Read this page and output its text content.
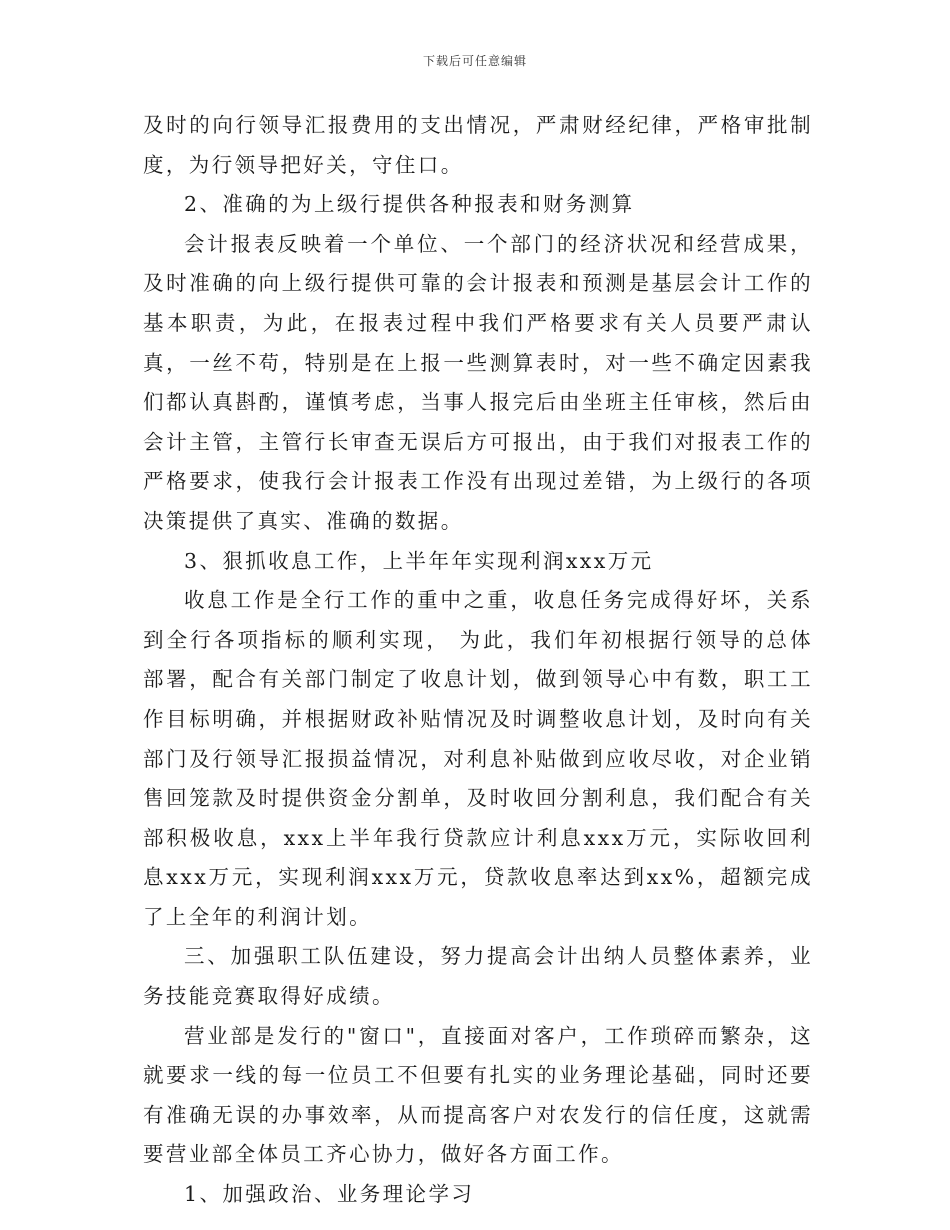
下载后可任意编辑

及时的向行领导汇报费用的支出情况，严肃财经纪律，严格审批制度，为行领导把好关，守住口。

2、准确的为上级行提供各种报表和财务测算

会计报表反映着一个单位、一个部门的经济状况和经营成果，及时准确的向上级行提供可靠的会计报表和预测是基层会计工作的基本职责，为此，在报表过程中我们严格要求有关人员要严肃认真，一丝不苟，特别是在上报一些测算表时，对一些不确定因素我们都认真斟酌，谨慎考虑，当事人报完后由坐班主任审核，然后由会计主管，主管行长审查无误后方可报出，由于我们对报表工作的严格要求，使我行会计报表工作没有出现过差错，为上级行的各项决策提供了真实、准确的数据。

3、狠抓收息工作，上半年年实现利润xxx万元

收息工作是全行工作的重中之重，收息任务完成得好坏，关系到全行各项指标的顺利实现， 为此，我们年初根据行领导的总体部署，配合有关部门制定了收息计划，做到领导心中有数，职工工作目标明确，并根据财政补贴情况及时调整收息计划，及时向有关部门及行领导汇报损益情况，对利息补贴做到应收尽收，对企业销售回笼款及时提供资金分割单，及时收回分割利息，我们配合有关部积极收息，xxx上半年我行贷款应计利息xxx万元，实际收回利息xxx万元，实现利润xxx万元，贷款收息率达到xx%，超额完成了上全年的利润计划。

三、加强职工队伍建设，努力提高会计出纳人员整体素养，业务技能竞赛取得好成绩。

营业部是发行的"窗口"，直接面对客户，工作琐碎而繁杂，这就要求一线的每一位员工不但要有扎实的业务理论基础，同时还要有准确无误的办事效率，从而提高客户对农发行的信任度，这就需要营业部全体员工齐心协力，做好各方面工作。

1、加强政治、业务理论学习
